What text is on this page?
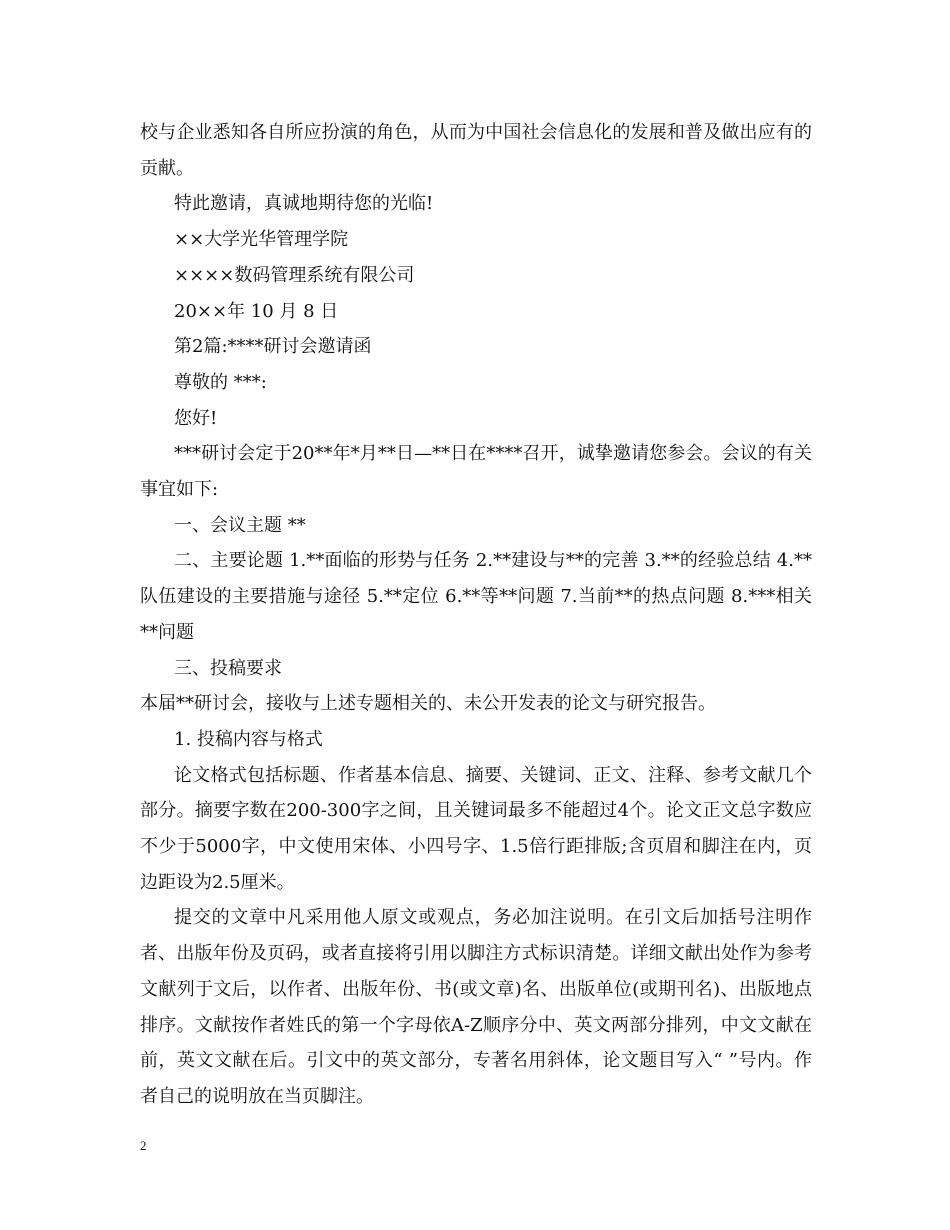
校与企业悉知各自所应扮演的角色，从而为中国社会信息化的发展和普及做出应有的贡献。

特此邀请，真诚地期待您的光临!

××大学光华管理学院

××××数码管理系统有限公司

20××年 10 月 8 日

第2篇:****研讨会邀请函

尊敬的 ***:

您好!

***研讨会定于20**年*月**日—**日在****召开，诚挚邀请您参会。会议的有关事宜如下:

一、会议主题 **

二、主要论题 1.**面临的形势与任务 2.**建设与**的完善 3.**的经验总结 4.**队伍建设的主要措施与途径 5.**定位 6.**等**问题 7.当前**的热点问题 8.***相关**问题

三、投稿要求

本届**研讨会，接收与上述专题相关的、未公开发表的论文与研究报告。

1. 投稿内容与格式

论文格式包括标题、作者基本信息、摘要、关键词、正文、注释、参考文献几个部分。摘要字数在200-300字之间，且关键词最多不能超过4个。论文正文总字数应不少于5000字，中文使用宋体、小四号字、1.5倍行距排版;含页眉和脚注在内，页边距设为2.5厘米。

提交的文章中凡采用他人原文或观点，务必加注说明。在引文后加括号注明作者、出版年份及页码，或者直接将引用以脚注方式标识清楚。详细文献出处作为参考文献列于文后，以作者、出版年份、书(或文章)名、出版单位(或期刊名)、出版地点排序。文献按作者姓氏的第一个字母依A-Z顺序分中、英文两部分排列，中文文献在前，英文文献在后。引文中的英文部分，专著名用斜体，论文题目写入“ ”号内。作者自己的说明放在当页脚注。

2
